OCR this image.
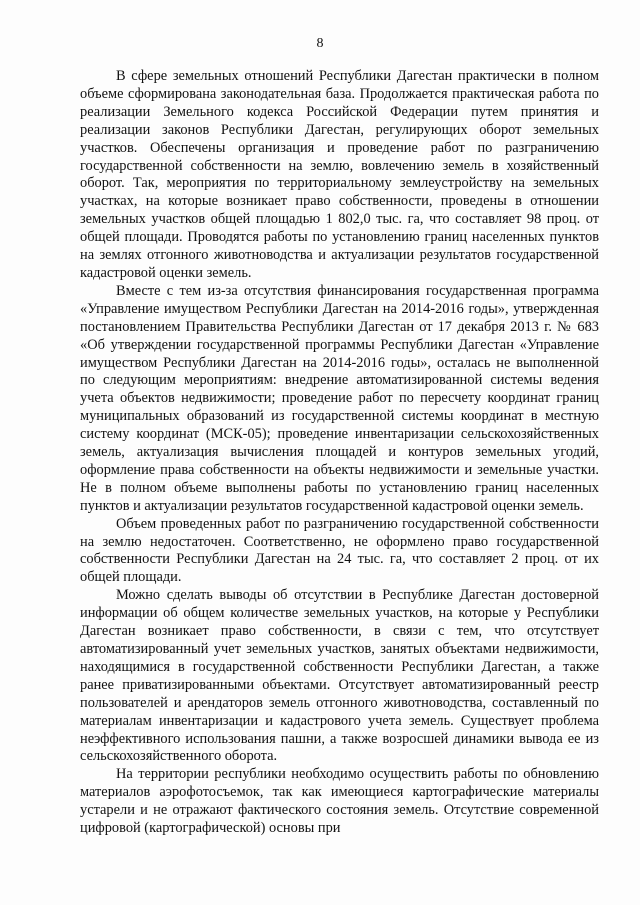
8

В сфере земельных отношений Республики Дагестан практически в полном объеме сформирована законодательная база. Продолжается практическая работа по реализации Земельного кодекса Российской Федерации путем принятия и реализации законов Республики Дагестан, регулирующих оборот земельных участков. Обеспечены организация и проведение работ по разграничению государственной собственности на землю, вовлечению земель в хозяйственный оборот. Так, мероприятия по территориальному землеустройству на земельных участках, на которые возникает право собственности, проведены в отношении земельных участков общей площадью 1 802,0 тыс. га, что составляет 98 проц. от общей площади. Проводятся работы по установлению границ населенных пунктов на землях отгонного животноводства и актуализации результатов государственной кадастровой оценки земель.

Вместе с тем из-за отсутствия финансирования государственная программа «Управление имуществом Республики Дагестан на 2014-2016 годы», утвержденная постановлением Правительства Республики Дагестан от 17 декабря 2013 г. № 683 «Об утверждении государственной программы Республики Дагестан «Управление имуществом Республики Дагестан на 2014-2016 годы», осталась не выполненной по следующим мероприятиям: внедрение автоматизированной системы ведения учета объектов недвижимости; проведение работ по пересчету координат границ муниципальных образований из государственной системы координат в местную систему координат (МСК-05); проведение инвентаризации сельскохозяйственных земель, актуализация вычисления площадей и контуров земельных угодий, оформление права собственности на объекты недвижимости и земельные участки. Не в полном объеме выполнены работы по установлению границ населенных пунктов и актуализации результатов государственной кадастровой оценки земель.

Объем проведенных работ по разграничению государственной собственности на землю недостаточен. Соответственно, не оформлено право государственной собственности Республики Дагестан на 24 тыс. га, что составляет 2 проц. от их общей площади.

Можно сделать выводы об отсутствии в Республике Дагестан достоверной информации об общем количестве земельных участков, на которые у Республики Дагестан возникает право собственности, в связи с тем, что отсутствует автоматизированный учет земельных участков, занятых объектами недвижимости, находящимися в государственной собственности Республики Дагестан, а также ранее приватизированными объектами. Отсутствует автоматизированный реестр пользователей и арендаторов земель отгонного животноводства, составленный по материалам инвентаризации и кадастрового учета земель. Существует проблема неэффективного использования пашни, а также возросшей динамики вывода ее из сельскохозяйственного оборота.

На территории республики необходимо осуществить работы по обновлению материалов аэрофотосъемок, так как имеющиеся картографические материалы устарели и не отражают фактического состояния земель. Отсутствие современной цифровой (картографической) основы при
